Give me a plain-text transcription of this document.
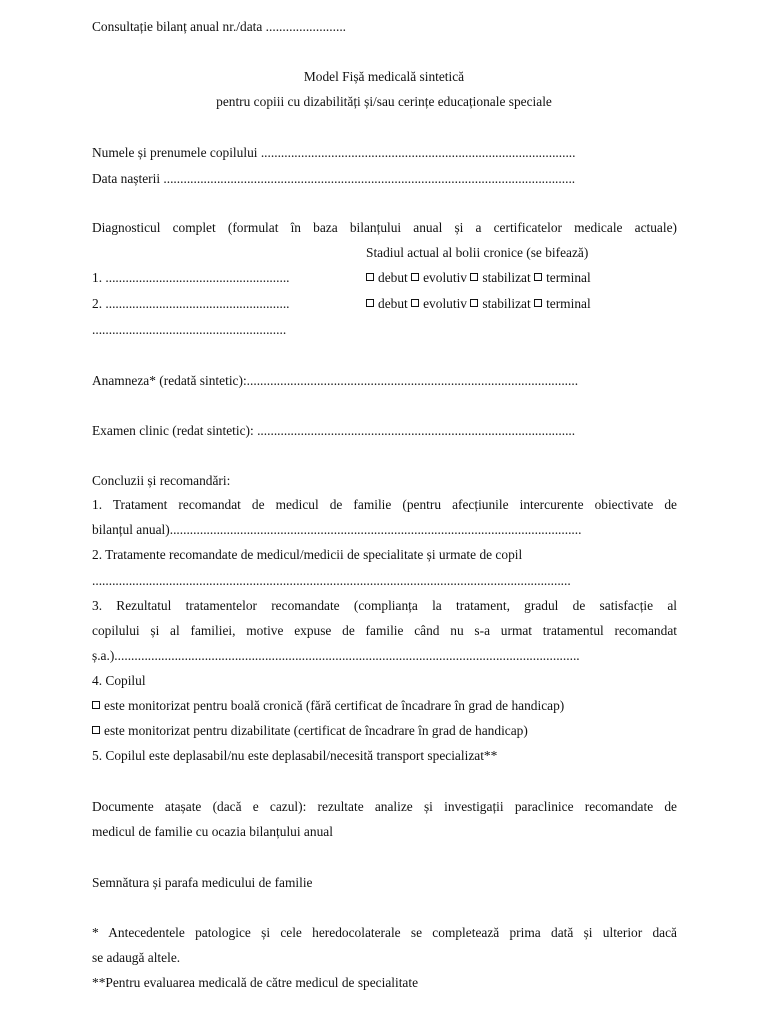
Consultație bilanț anual nr./data ........................
Model Fișă medicală sintetică
pentru copiii cu dizabilități și/sau cerințe educaționale speciale
Numele și prenumele copilului ..............................................................................................
Data nașterii ...........................................................................................................................
Diagnosticul complet (formulat în baza bilanțului anual și a certificatelor medicale actuale)
Stadiul actual al bolii cronice (se bifează)
1. .......................................................	debut evolutiv stabilizat terminal
2. .......................................................	debut evolutiv stabilizat terminal
..........................................................
Anamneza* (redată sintetic):...................................................................................................
Examen clinic (redat sintetic): ...............................................................................................
Concluzii și recomandări:
1. Tratament recomandat de medicul de familie (pentru afecțiunile intercurente obiectivate de
bilanțul anual)...........................................................................................................................
2. Tratamente recomandate de medicul/medicii de specialitate și urmate de copil
...............................................................................................................................................
3. Rezultatul tratamentelor recomandate (complianța la tratament, gradul de satisfacție al
copilului și al familiei, motive expuse de familie când nu s-a urmat tratamentul recomandat
ș.a.)...........................................................................................................................................
4. Copilul
este monitorizat pentru boală cronică (fără certificat de încadrare în grad de handicap)
este monitorizat pentru dizabilitate (certificat de încadrare în grad de handicap)
5. Copilul este deplasabil/nu este deplasabil/necesită transport specializat**
Documente atașate (dacă e cazul): rezultate analize și investigații paraclinice recomandate de
medicul de familie cu ocazia bilanțului anual
Semnătura și parafa medicului de familie
* Antecedentele patologice și cele heredocolaterale se completează prima dată și ulterior dacă
se adaugă altele.
**Pentru evaluarea medicală de către medicul de specialitate
